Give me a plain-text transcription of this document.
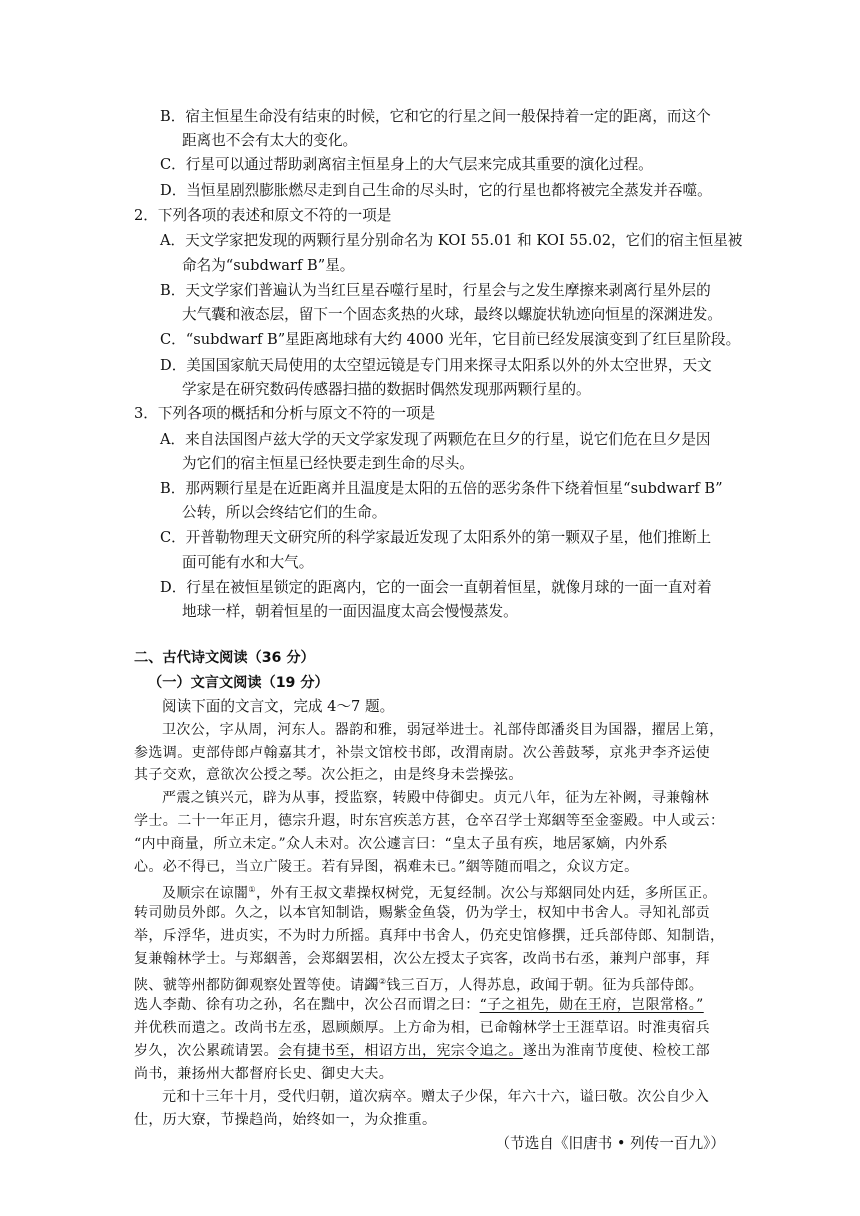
B．宿主恒星生命没有结束的时候，它和它的行星之间一般保持着一定的距离，而这个
距离也不会有太大的变化。
C．行星可以通过帮助剥离宿主恒星身上的大气层来完成其重要的演化过程。
D．当恒星剧烈膨胀燃尽走到自己生命的尽头时，它的行星也都将被完全蒸发并吞噬。
2．下列各项的表述和原文不符的一项是
A．天文学家把发现的两颗行星分别命名为 KOI 55.01 和 KOI 55.02，它们的宿主恒星被
命名为“subdwarf B”星。
B．天文学家们普遍认为当红巨星吞噬行星时，行星会与之发生摩擦来剥离行星外层的
大气囊和液态层，留下一个固态炙热的火球，最终以螺旋状轨迹向恒星的深渊进发。
C．“subdwarf B”星距离地球有大约 4000 光年，它目前已经发展演变到了红巨星阶段。
D．美国国家航天局使用的太空望远镜是专门用来探寻太阳系以外的外太空世界，天文
学家是在研究数码传感器扫描的数据时偶然发现那两颗行星的。
3．下列各项的概括和分析与原文不符的一项是
A．来自法国图卢兹大学的天文学家发现了两颗危在旦夕的行星，说它们危在旦夕是因
为它们的宿主恒星已经快要走到生命的尽头。
B．那两颗行星是在近距离并且温度是太阳的五倍的恶劣条件下绕着恒星“subdwarf B”
公转，所以会终结它们的生命。
C．开普勒物理天文研究所的科学家最近发现了太阳系外的第一颗双子星，他们推断上
面可能有水和大气。
D．行星在被恒星锁定的距离内，它的一面会一直朝着恒星，就像月球的一面一直对着
地球一样，朝着恒星的一面因温度太高会慢慢蒸发。
二、古代诗文阅读（36 分）
（一）文言文阅读（19 分）
阅读下面的文言文，完成 4～7 题。
卫次公，字从周，河东人。器韵和雅，弱冠举进士。礼部侍郎潘炎目为国器，擢居上第，
参选调。吏部侍郎卢翰嘉其才，补崇文馆校书郎，改渭南尉。次公善鼓琴，京兆尹李齐运使
其子交欢，意欲次公授之琴。次公拒之，由是终身未尝操弦。
严震之镇兴元，辟为从事，授监察，转殿中侍御史。贞元八年，征为左补阙，寻兼翰林
学士。二十一年正月，德宗升遐，时东宫疾恙方甚，仓卒召学士郑絪等至金銮殿。中人或云：
“内中商量，所立未定。”众人未对。次公遽言曰：“皇太子虽有疾，地居冢嫡，内外系
心。必不得已，当立广陵王。若有异图，祸难未已。”絪等随而唱之，众议方定。
及顺宗在谅闇①，外有王叔文辈操权树党，无复经制。次公与郑絪同处内廷，多所匡正。
转司勋员外郎。久之，以本官知制诰，赐紫金鱼袋，仍为学士，权知中书舍人。寻知礼部贡
举，斥浮华，进贞实，不为时力所摇。真拜中书舍人，仍充史馆修撰，迁兵部侍郎、知制诰，
复兼翰林学士。与郑絪善，会郑絪罢相，次公左授太子宾客，改尚书右丞，兼判户部事，拜
陕、虢等州都防御观察处置等使。请蠲②钱三百万，人得苏息，政闻于朝。征为兵部侍郎。
选人李勣、徐有功之孙，名在黜中，次公召而谓之曰：“子之祖先，勋在王府，岂限常格。”
并优秩而遣之。改尚书左丞，恩顾颇厚。上方命为相，已命翰林学士王涯草诏。时淮夷宿兵
岁久，次公累疏请罢。会有捷书至，相诏方出，宪宗令追之。遂出为淮南节度使、检校工部
尚书，兼扬州大都督府长史、御史大夫。
元和十三年十月，受代归朝，道次病卒。赠太子少保，年六十六，谥曰敬。次公自少入
仕，历大寮，节操趋尚，始终如一，为众推重。
（节选自《旧唐书 • 列传一百九》）
